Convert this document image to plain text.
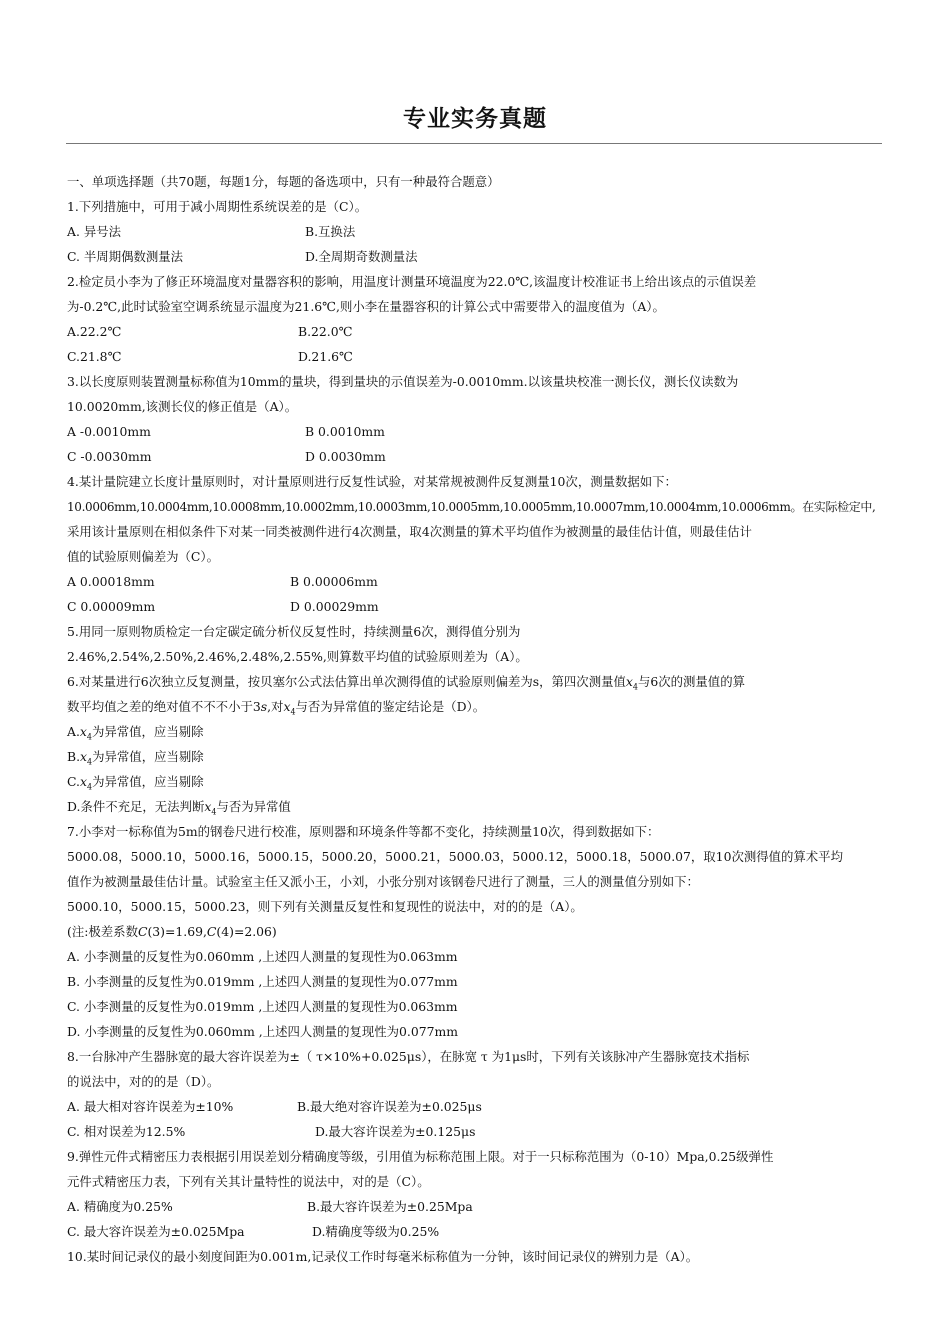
专业实务真题
一、单项选择题（共70题，每题1分，每题的备选项中，只有一种最符合题意）
1.下列措施中，可用于减小周期性系统误差的是（C）。
A. 异号法	B.互换法
C. 半周期偶数测量法	D.全周期奇数测量法
2.检定员小李为了修正环境温度对量器容积的影响，用温度计测量环境温度为22.0℃,该温度计校准证书上给出该点的示值误差
为-0.2℃,此时试验室空调系统显示温度为21.6℃,则小李在量器容积的计算公式中需要带入的温度值为（A）。
A.22.2℃	B.22.0℃
C.21.8℃	D.21.6℃
3.以长度原则装置测量标称值为10mm的量块，得到量块的示值误差为-0.0010mm.以该量块校准一测长仪，测长仪读数为
10.0020mm,该测长仪的修正值是（A）。
A -0.0010mm	B 0.0010mm
C -0.0030mm	D 0.0030mm
4.某计量院建立长度计量原则时，对计量原则进行反复性试验，对某常规被测件反复测量10次，测量数据如下：
10.0006mm,10.0004mm,10.0008mm,10.0002mm,10.0003mm,10.0005mm,10.0005mm,10.0007mm,10.0004mm,10.0006mm。在实际检定中,
采用该计量原则在相似条件下对某一同类被测件进行4次测量，取4次测量的算术平均值作为被测量的最佳估计值，则最佳估计
值的试验原则偏差为（C）。
A 0.00018mm	B 0.00006mm
C 0.00009mm	D 0.00029mm
5.用同一原则物质检定一台定碳定硫分析仪反复性时，持续测量6次，测得值分别为
2.46%,2.54%,2.50%,2.46%,2.48%,2.55%,则算数平均值的试验原则差为（A）。
6.对某量进行6次独立反复测量，按贝塞尔公式法估算出单次测得值的试验原则偏差为s，第四次测量值$x_4$与6次的测量值的算
数平均值之差的绝对值不不不小于3s,对$x_4$与否为异常值的鉴定结论是（D）。
$A.x_4$为异常值，应当剔除
$B.x_4$为异常值，应当剔除
$C.x_4$为异常值，应当剔除
D.条件不充足，无法判断$x_4$与否为异常值
7.小李对一标称值为5m的钢卷尺进行校准，原则器和环境条件等都不变化，持续测量10次，得到数据如下：
5000.08，5000.10，5000.16，5000.15，5000.20，5000.21，5000.03，5000.12，5000.18，5000.07，取10次测得值的算术平均
值作为被测量最佳估计量。试验室主任又派小王，小刘，小张分别对该钢卷尺进行了测量，三人的测量值分别如下：
5000.10，5000.15，5000.23，则下列有关测量反复性和复现性的说法中，对的的是（A）。
(注:极差系数C(3)=1.69,C(4)=2.06)
A. 小李测量的反复性为0.060mm ,上述四人测量的复现性为0.063mm
B. 小李测量的反复性为0.019mm ,上述四人测量的复现性为0.077mm
C. 小李测量的反复性为0.019mm ,上述四人测量的复现性为0.063mm
D. 小李测量的反复性为0.060mm ,上述四人测量的复现性为0.077mm
8.一台脉冲产生器脉宽的最大容许误差为±（ τ×10%+0.025μs），在脉宽 τ 为1μs时，下列有关该脉冲产生器脉宽技术指标
的说法中，对的的是（D）。
A. 最大相对容许误差为±10%	B.最大绝对容许误差为±0.025μs
C. 相对误差为12.5%	D.最大容许误差为±0.125μs
9.弹性元件式精密压力表根据引用误差划分精确度等级，引用值为标称范围上限。对于一只标称范围为（0-10）Mpa,0.25级弹性
元件式精密压力表，下列有关其计量特性的说法中，对的是（C）。
A. 精确度为0.25%	B.最大容许误差为±0.25Mpa
C. 最大容许误差为±0.025Mpa	D.精确度等级为0.25%
10.某时间记录仪的最小刻度间距为0.001m,记录仪工作时每毫米标称值为一分钟，该时间记录仪的辨别力是（A）。
